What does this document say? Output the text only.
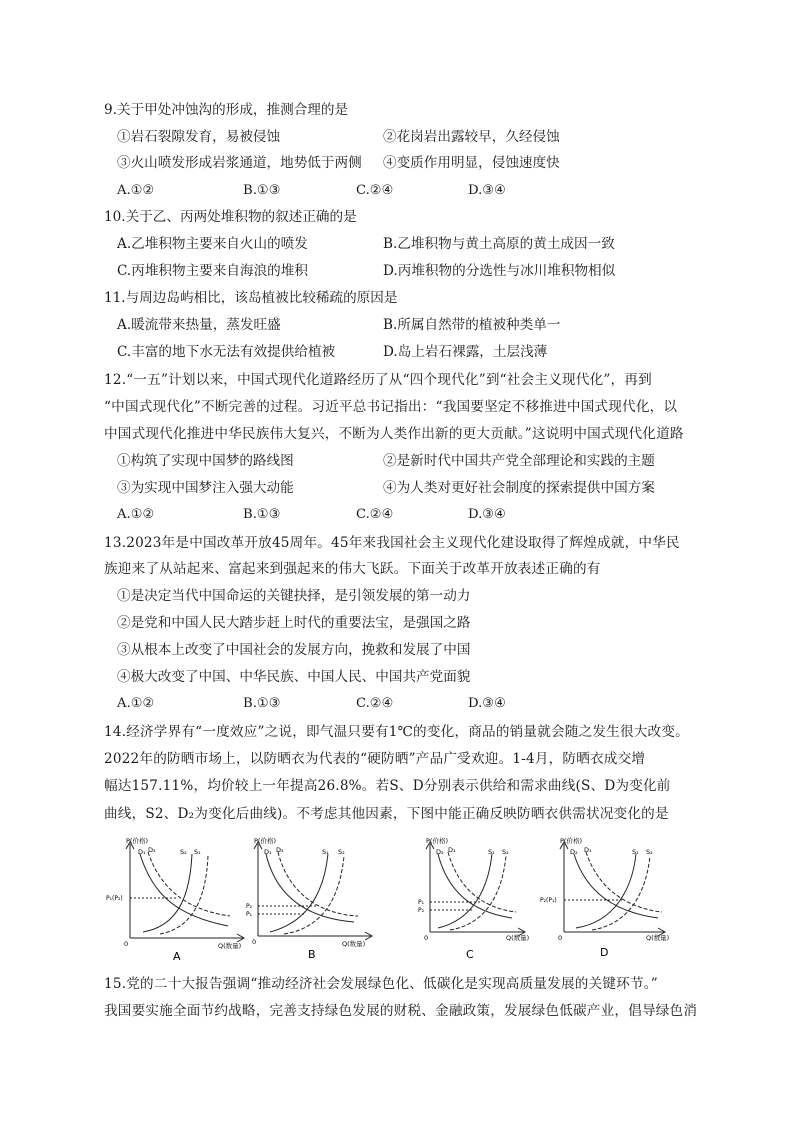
9.关于甲处冲蚀沟的形成，推测合理的是
①岩石裂隙发育，易被侵蚀	②花岗岩出露较早，久经侵蚀
③火山喷发形成岩浆通道，地势低于两侧 ④变质作用明显，侵蚀速度快
A.①②	B.①③	C.②④	D.③④
10.关于乙、丙两处堆积物的叙述正确的是
A.乙堆积物主要来自火山的喷发	B.乙堆积物与黄土高原的黄土成因一致
C.丙堆积物主要来自海浪的堆积	D.丙堆积物的分选性与冰川堆积物相似
11.与周边岛屿相比，该岛植被比较稀疏的原因是
A.暖流带来热量，蒸发旺盛	B.所属自然带的植被种类单一
C.丰富的地下水无法有效提供给植被	D.岛上岩石裸露，土层浅薄
12.“一五”计划以来，中国式现代化道路经历了从“四个现代化”到“社会主义现代化”，再到
“中国式现代化”不断完善的过程。习近平总书记指出：“我国要坚定不移推进中国式现代化，以
中国式现代化推进中华民族伟大复兴，不断为人类作出新的更大贡献。”这说明中国式现代化道路
①构筑了实现中国梦的路线图	②是新时代中国共产党全部理论和实践的主题
③为实现中国梦注入强大动能	④为人类对更好社会制度的探索提供中国方案
A.①②	B.①③	C.②④	D.③④
13.2023年是中国改革开放45周年。45年来我国社会主义现代化建设取得了辉煌成就，中华民
族迎来了从站起来、富起来到强起来的伟大飞跃。下面关于改革开放表述正确的有
①是决定当代中国命运的关键抉择，是引领发展的第一动力
②是党和中国人民大踏步赶上时代的重要法宝，是强国之路
③从根本上改变了中国社会的发展方向，挽救和发展了中国
④极大改变了中国、中华民族、中国人民、中国共产党面貌
A.①②	B.①③	C.②④	D.③④
14.经济学界有“一度效应”之说，即气温只要有1℃的变化，商品的销量就会随之发生很大改变。
2022年的防晒市场上，以防晒衣为代表的“硬防晒”产品广受欢迎。1-4月，防晒衣成交增
幅达157.11%，均价较上一年提高26.8%。若S、D分别表示供给和需求曲线(S、D为变化前
曲线，S2、D₂为变化后曲线)。不考虑其他因素，下图中能正确反映防晒衣供需状况变化的是
P(价格)
Q(数量)
0
D₁ D₂	S₂ S₁
P₁(P₂)
A
P(价格)
Q(数量)
0
D₁ D₂	S₁ S₂
P₂
P₁
B
P(价格)
Q(数量)
0
D₂ D₁	S₁ S₂
P₁
P₂
C
P(价格)
Q(数量)
0
D₂ D₁	S₁ S₂
P₂(P₁)
D
15.党的二十大报告强调“推动经济社会发展绿色化、低碳化是实现高质量发展的关键环节。”
我国要实施全面节约战略，完善支持绿色发展的财税、金融政策，发展绿色低碳产业，倡导绿色消
